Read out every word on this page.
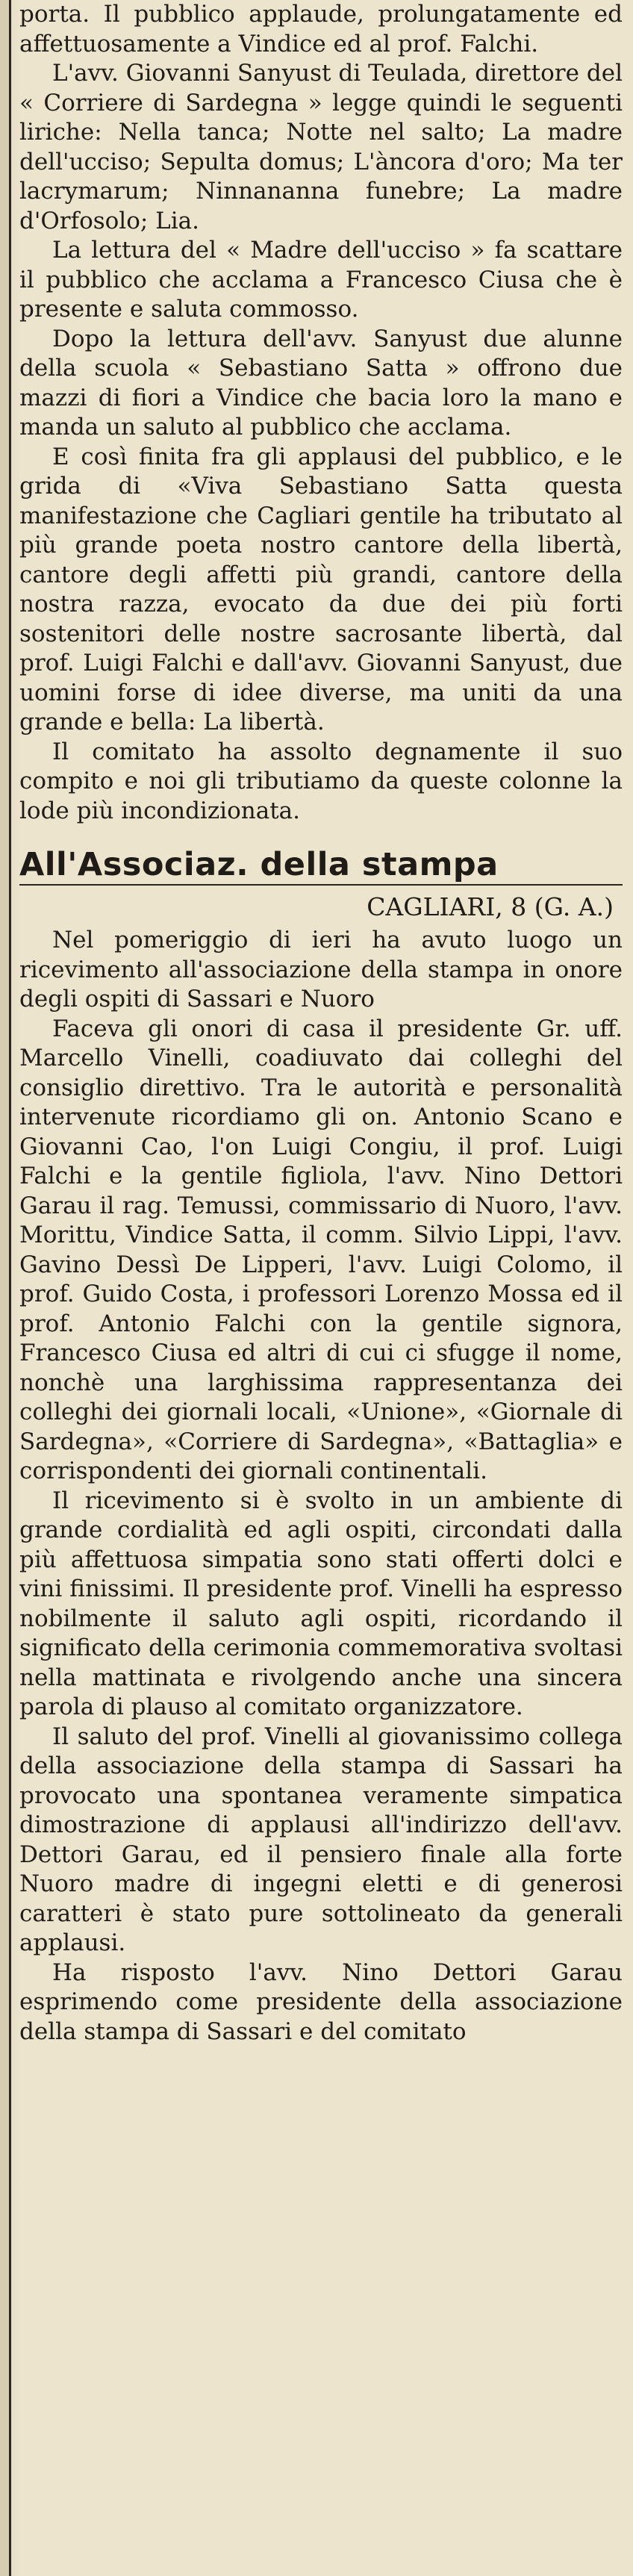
porta. Il pubblico applaude, prolungatamente ed affettuosamente a Vindice ed al prof. Falchi.

L'avv. Giovanni Sanyust di Teulada, direttore del « Corriere di Sardegna » legge quindi le seguenti liriche: Nella tanca; Notte nel salto; La madre dell'ucciso; Sepulta domus; L'àncora d'oro; Ma ter lacrymarum; Ninnananna funebre; La madre d'Orfosolo; Lia.

La lettura del « Madre dell'ucciso » fa scattare il pubblico che acclama a Francesco Ciusa che è presente e saluta commosso.

Dopo la lettura dell'avv. Sanyust due alunne della scuola « Sebastiano Satta » offrono due mazzi di fiori a Vindice che bacia loro la mano e manda un saluto al pubblico che acclama.

E così finita fra gli applausi del pubblico, e le grida di «Viva Sebastiano Satta questa manifestazione che Cagliari gentile ha tributato al più grande poeta nostro cantore della libertà, cantore degli affetti più grandi, cantore della nostra razza, evocato da due dei più forti sostenitori delle nostre sacrosante libertà, dal prof. Luigi Falchi e dall'avv. Giovanni Sanyust, due uomini forse di idee diverse, ma uniti da una grande e bella: La libertà.

Il comitato ha assolto degnamente il suo compito e noi gli tributiamo da queste colonne la lode più incondizionata.

All'Associaz. della stampa
CAGLIARI, 8 (G. A.)

Nel pomeriggio di ieri ha avuto luogo un ricevimento all'associazione della stampa in onore degli ospiti di Sassari e Nuoro

Faceva gli onori di casa il presidente Gr. uff. Marcello Vinelli, coadiuvato dai colleghi del consiglio direttivo. Tra le autorità e personalità intervenute ricordiamo gli on. Antonio Scano e Giovanni Cao, l'on Luigi Congiu, il prof. Luigi Falchi e la gentile figliola, l'avv. Nino Dettori Garau il rag. Temussi, commissario di Nuoro, l'avv. Morittu, Vindice Satta, il comm. Silvio Lippi, l'avv. Gavino Dessì De Lipperi, l'avv. Luigi Colomo, il prof. Guido Costa, i professori Lorenzo Mossa ed il prof. Antonio Falchi con la gentile signora, Francesco Ciusa ed altri di cui ci sfugge il nome, nonchè una larghissima rappresentanza dei colleghi dei giornali locali, «Unione», «Giornale di Sardegna», «Corriere di Sardegna», «Battaglia» e corrispondenti dei giornali continentali.

Il ricevimento si è svolto in un ambiente di grande cordialità ed agli ospiti, circondati dalla più affettuosa simpatia sono stati offerti dolci e vini finissimi. Il presidente prof. Vinelli ha espresso nobilmente il saluto agli ospiti, ricordando il significato della cerimonia commemorativa svoltasi nella mattinata e rivolgendo anche una sincera parola di plauso al comitato organizzatore.

Il saluto del prof. Vinelli al giovanissimo collega della associazione della stampa di Sassari ha provocato una spontanea veramente simpatica dimostrazione di applausi all'indirizzo dell'avv. Dettori Garau, ed il pensiero finale alla forte Nuoro madre di ingegni eletti e di generosi caratteri è stato pure sottolineato da generali applausi.

Ha risposto l'avv. Nino Dettori Garau esprimendo come presidente della associazione della stampa di Sassari e del comitato
